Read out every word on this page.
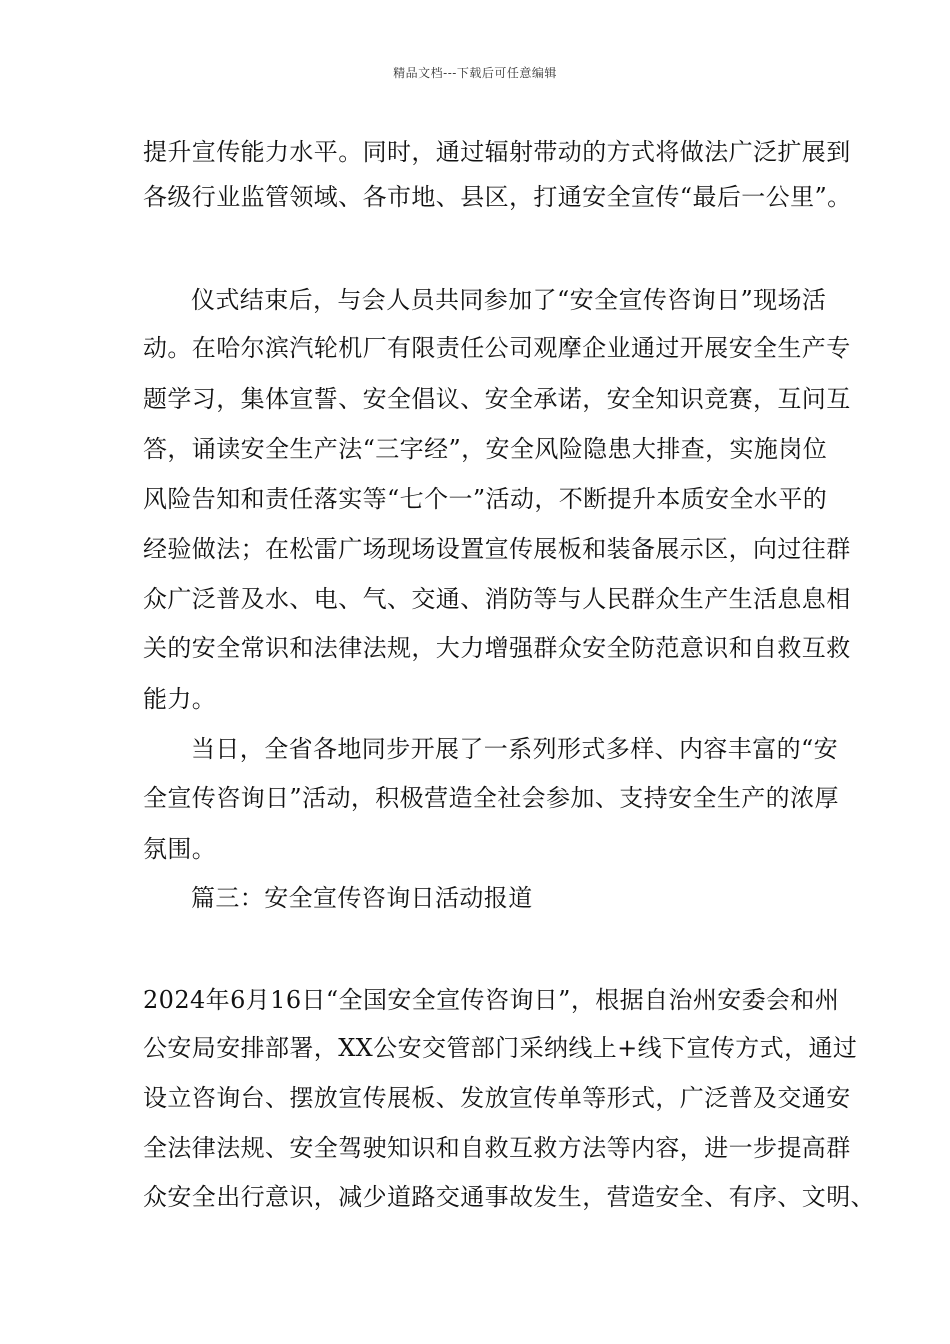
精品文档---下载后可任意编辑
提升宣传能力水平。同时，通过辐射带动的方式将做法广泛扩展到
各级行业监管领域、各市地、县区，打通安全宣传“最后一公里”。
仪式结束后，与会人员共同参加了“安全宣传咨询日”现场活
动。在哈尔滨汽轮机厂有限责任公司观摩企业通过开展安全生产专
题学习，集体宣誓、安全倡议、安全承诺，安全知识竞赛，互问互
答，诵读安全生产法“三字经”，安全风险隐患大排查，实施岗位
风险告知和责任落实等“七个一”活动，不断提升本质安全水平的
经验做法；在松雷广场现场设置宣传展板和装备展示区，向过往群
众广泛普及水、电、气、交通、消防等与人民群众生产生活息息相
关的安全常识和法律法规，大力增强群众安全防范意识和自救互救
能力。
当日，全省各地同步开展了一系列形式多样、内容丰富的“安
全宣传咨询日”活动，积极营造全社会参加、支持安全生产的浓厚
氛围。
篇三：安全宣传咨询日活动报道
2024年6月16日“全国安全宣传咨询日”，根据自治州安委会和州
公安局安排部署，XX公安交管部门采纳线上+线下宣传方式，通过
设立咨询台、摆放宣传展板、发放宣传单等形式，广泛普及交通安
全法律法规、安全驾驶知识和自救互救方法等内容，进一步提高群
众安全出行意识，减少道路交通事故发生，营造安全、有序、文明、
